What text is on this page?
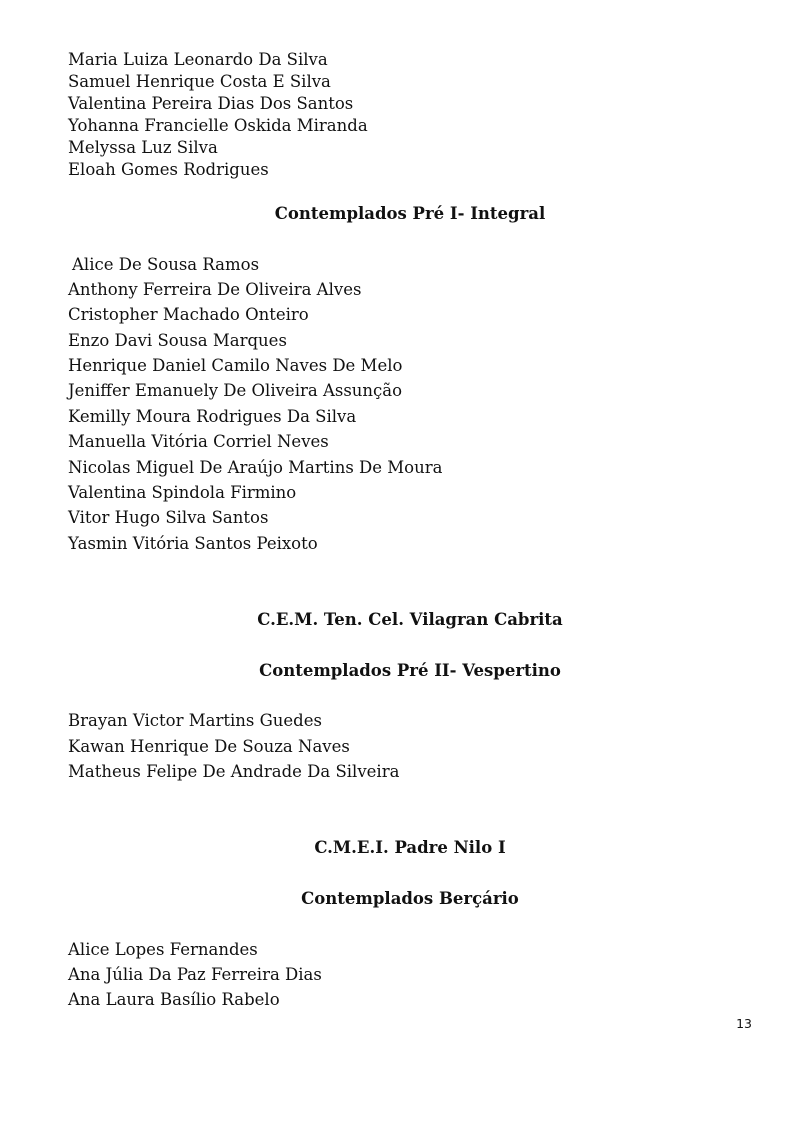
Maria Luiza Leonardo Da Silva
Samuel Henrique Costa E Silva
Valentina Pereira Dias Dos Santos
Yohanna Francielle Oskida Miranda
Melyssa Luz Silva
Eloah Gomes Rodrigues
Contemplados Pré I- Integral
Alice De Sousa Ramos
Anthony Ferreira De Oliveira Alves
Cristopher Machado Onteiro
Enzo Davi Sousa Marques
Henrique Daniel Camilo Naves De Melo
Jeniffer Emanuely De Oliveira Assunção
Kemilly Moura Rodrigues Da Silva
Manuella Vitória Corriel Neves
Nicolas Miguel De Araújo Martins De Moura
Valentina Spindola Firmino
Vitor Hugo Silva Santos
Yasmin Vitória Santos Peixoto
C.E.M. Ten. Cel. Vilagran Cabrita
Contemplados Pré II- Vespertino
Brayan Victor Martins Guedes
Kawan Henrique De Souza Naves
Matheus Felipe De Andrade Da Silveira
C.M.E.I. Padre Nilo I
Contemplados Berçário
Alice Lopes Fernandes
Ana Júlia Da Paz Ferreira Dias
Ana Laura Basílio Rabelo
13
